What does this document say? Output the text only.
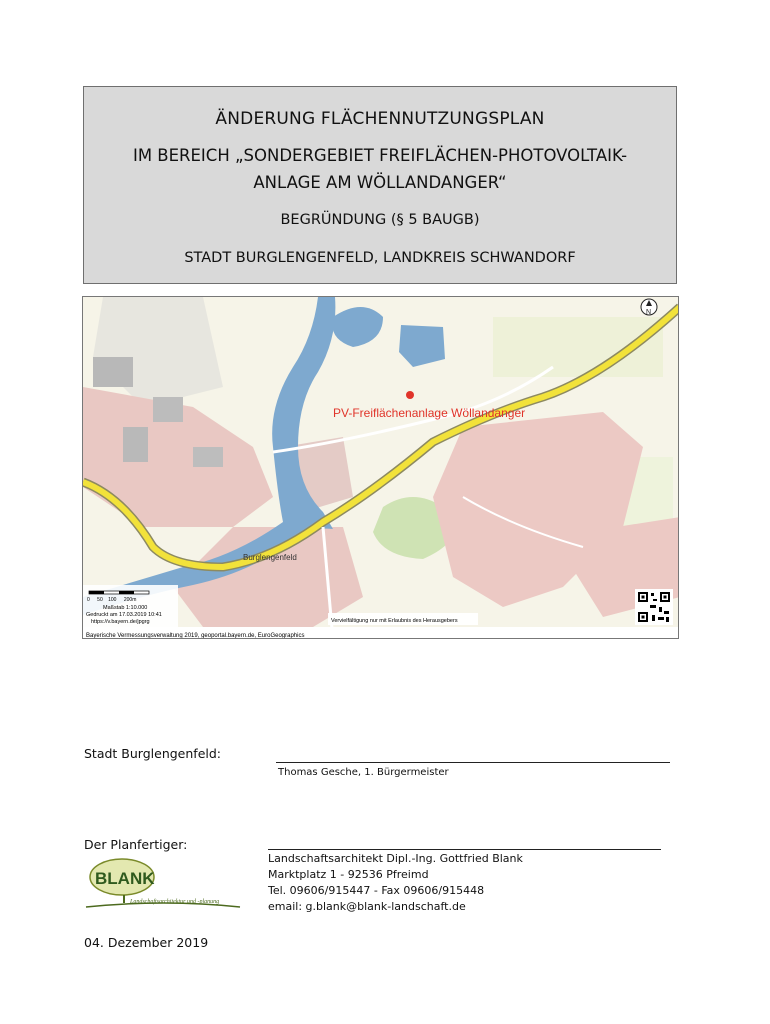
ÄNDERUNG FLÄCHENNUTZUNGSPLAN
IM BEREICH „SONDERGEBIET FREIFLÄCHEN-PHOTOVOLTAIK-
ANLAGE AM WÖLLANDANGER“
BEGRÜNDUNG (§ 5 BAUGB)
STADT BURGLENGENFELD, LANDKREIS SCHWANDORF
PV-Freiflächenanlage Wöllandanger
Burglengenfeld
N
0 50 100 200m
Maßstab 1:10.000
Gedruckt am 17.03.2019 10:41
https://v.bayern.de/jpgrg	Vervielfältigung nur mit Erlaubnis des Herausgebers
Bayerische Vermessungsverwaltung 2019, geoportal.bayern.de, EuroGeographics
Stadt Burglengenfeld:
Thomas Gesche, 1. Bürgermeister
Der Planfertiger:
BLANK
Landschaftsarchitektur und -planung
Landschaftsarchitekt Dipl.-Ing. Gottfried Blank
Marktplatz 1 - 92536 Pfreimd
Tel. 09606/915447 - Fax 09606/915448
email: g.blank@blank-landschaft.de
04. Dezember 2019
